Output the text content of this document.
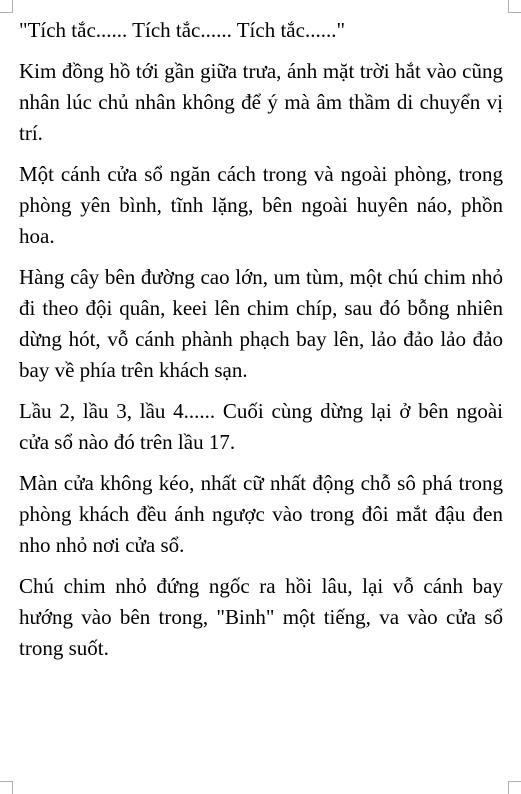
"Tích tắc...... Tích tắc...... Tích tắc......"

Kim đồng hồ tới gần giữa trưa, ánh mặt trời hắt vào cũng nhân lúc chủ nhân không để ý mà âm thầm di chuyển vị trí.

Một cánh cửa sổ ngăn cách trong và ngoài phòng, trong phòng yên bình, tĩnh lặng, bên ngoài huyên náo, phồn hoa.

Hàng cây bên đường cao lớn, um tùm, một chú chim nhỏ đi theo đội quân, keei lên chim chíp, sau đó bỗng nhiên dừng hót, vỗ cánh phành phạch bay lên, lảo đảo lảo đảo bay về phía trên khách sạn.

Lầu 2, lầu 3, lầu 4...... Cuối cùng dừng lại ở bên ngoài cửa sổ nào đó trên lầu 17.

Màn cửa không kéo, nhất cữ nhất động chỗ sô phá trong phòng khách đều ánh ngược vào trong đôi mắt đậu đen nho nhỏ nơi cửa sổ.

Chú chim nhỏ đứng ngốc ra hồi lâu, lại vỗ cánh bay hướng vào bên trong, "Binh" một tiếng, va vào cửa sổ trong suốt.
